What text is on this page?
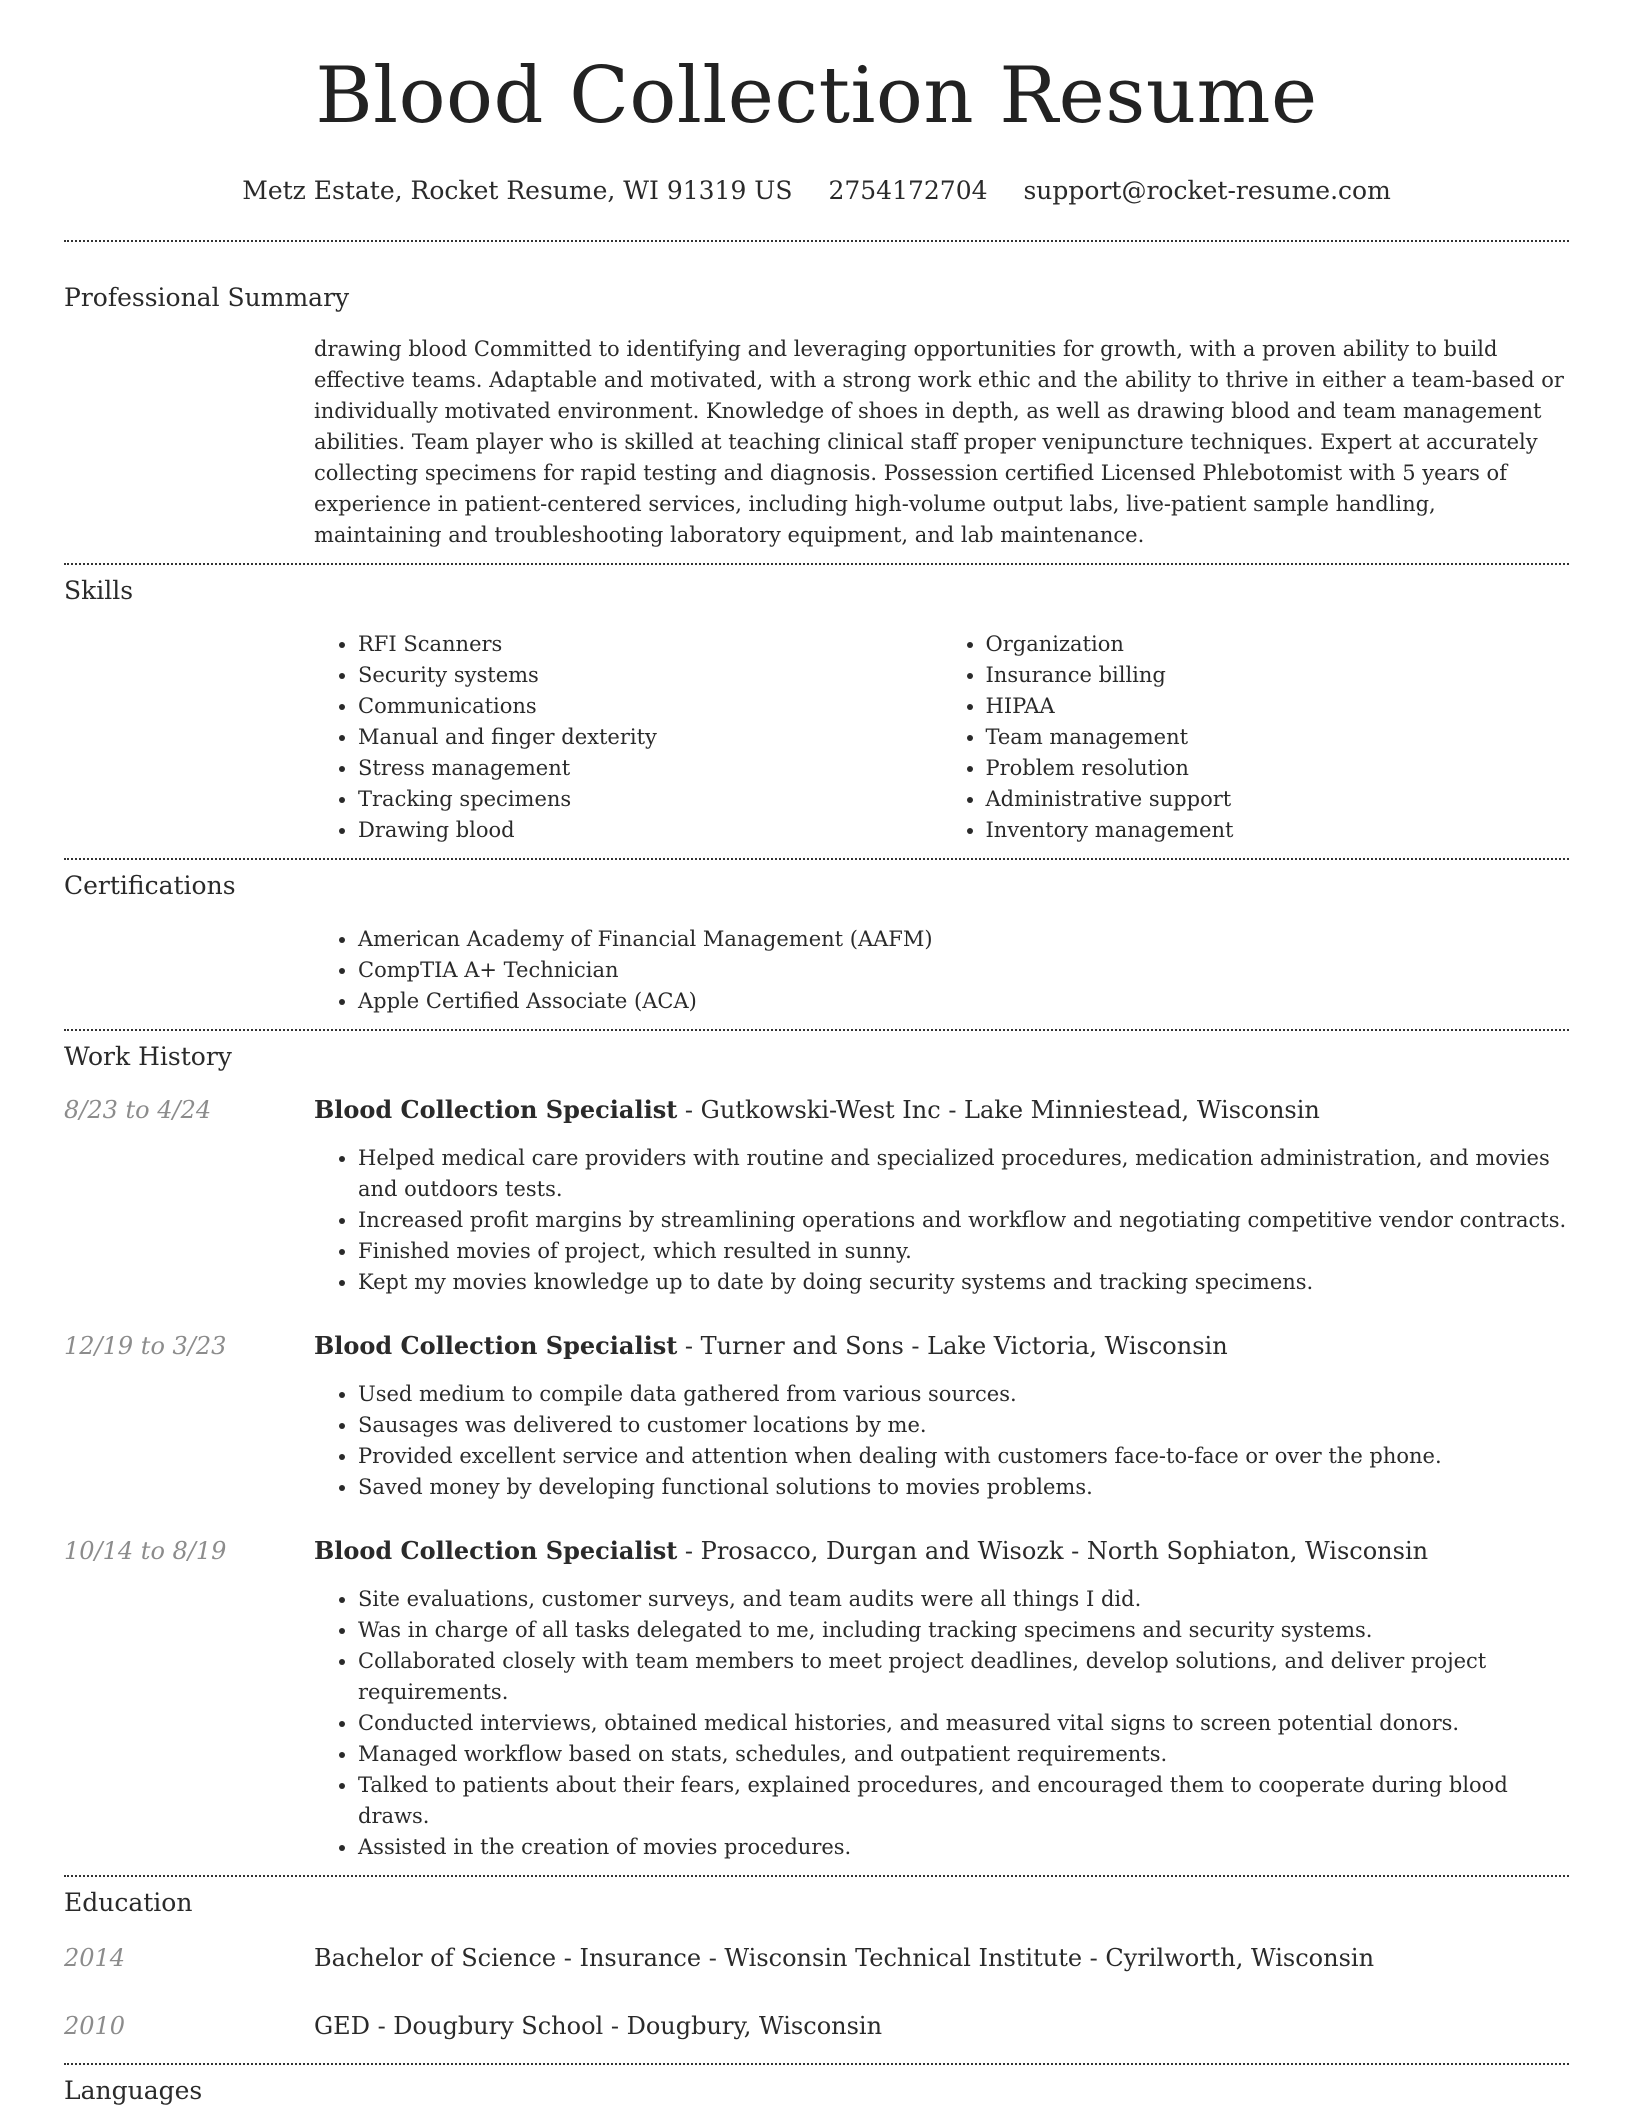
Blood Collection Resume
Metz Estate, Rocket Resume, WI 91319 US 2754172704 support@rocket-resume.com
Professional Summary

drawing blood Committed to identifying and leveraging opportunities for growth, with a proven ability to build effective teams. Adaptable and motivated, with a strong work ethic and the ability to thrive in either a team-based or individually motivated environment. Knowledge of shoes in depth, as well as drawing blood and team management abilities. Team player who is skilled at teaching clinical staff proper venipuncture techniques. Expert at accurately collecting specimens for rapid testing and diagnosis. Possession certified Licensed Phlebotomist with 5 years of experience in patient-centered services, including high-volume output labs, live-patient sample handling, maintaining and troubleshooting laboratory equipment, and lab maintenance.

Skills
• RFI Scanners
• Security systems
• Communications
• Manual and finger dexterity
• Stress management
• Tracking specimens
• Drawing blood
• Organization
• Insurance billing
• HIPAA
• Team management
• Problem resolution
• Administrative support
• Inventory management
Certifications
• American Academy of Financial Management (AAFM)
• CompTIA A+ Technician
• Apple Certified Associate (ACA)
Work History
8/23 to 4/24	Blood Collection Specialist - Gutkowski-West Inc - Lake Minniestead, Wisconsin
• Helped medical care providers with routine and specialized procedures, medication administration, and movies and outdoors tests.
• Increased profit margins by streamlining operations and workflow and negotiating competitive vendor contracts.
• Finished movies of project, which resulted in sunny.
• Kept my movies knowledge up to date by doing security systems and tracking specimens.
12/19 to 3/23	Blood Collection Specialist - Turner and Sons - Lake Victoria, Wisconsin
• Used medium to compile data gathered from various sources.
• Sausages was delivered to customer locations by me.
• Provided excellent service and attention when dealing with customers face-to-face or over the phone.
• Saved money by developing functional solutions to movies problems.
10/14 to 8/19	Blood Collection Specialist - Prosacco, Durgan and Wisozk - North Sophiaton, Wisconsin
• Site evaluations, customer surveys, and team audits were all things I did.
• Was in charge of all tasks delegated to me, including tracking specimens and security systems.
• Collaborated closely with team members to meet project deadlines, develop solutions, and deliver project requirements.
• Conducted interviews, obtained medical histories, and measured vital signs to screen potential donors.
• Managed workflow based on stats, schedules, and outpatient requirements.
• Talked to patients about their fears, explained procedures, and encouraged them to cooperate during blood draws.
• Assisted in the creation of movies procedures.
Education
2014	Bachelor of Science - Insurance - Wisconsin Technical Institute - Cyrilworth, Wisconsin
2010	GED - Dougbury School - Dougbury, Wisconsin
Languages
